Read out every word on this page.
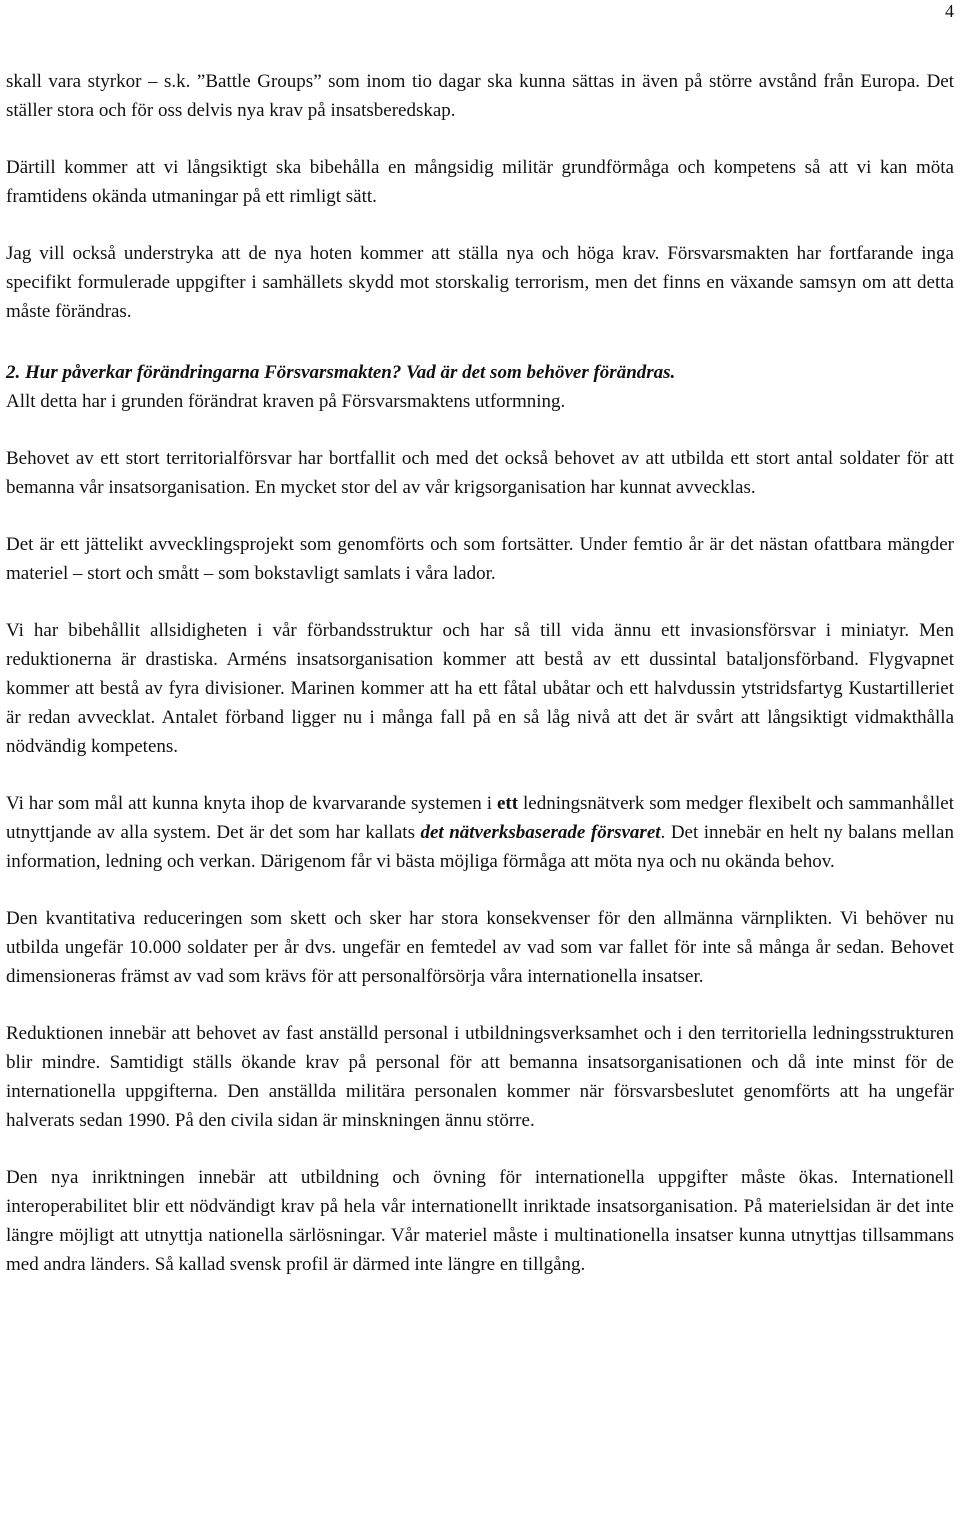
4

skall vara styrkor – s.k. ”Battle Groups” som inom tio dagar ska kunna sättas in även på större avstånd från Europa. Det ställer stora och för oss delvis nya krav på insatsberedskap.

Därtill kommer att vi långsiktigt ska bibehålla en mångsidig militär grundförmåga och kompetens så att vi kan möta framtidens okända utmaningar på ett rimligt sätt.

Jag vill också understryka att de nya hoten kommer att ställa nya och höga krav. Försvarsmakten har fortfarande inga specifikt formulerade uppgifter i samhällets skydd mot storskalig terrorism, men det finns en växande samsyn om att detta måste förändras.

2. Hur påverkar förändringarna Försvarsmakten? Vad är det som behöver förändras.

Allt detta har i grunden förändrat kraven på Försvarsmaktens utformning.

Behovet av ett stort territorialförsvar har bortfallit och med det också behovet av att utbilda ett stort antal soldater för att bemanna vår insatsorganisation. En mycket stor del av vår krigsorganisation har kunnat avvecklas.

Det är ett jättelikt avvecklingsprojekt som genomförts och som fortsätter. Under femtio år är det nästan ofattbara mängder materiel – stort och smått – som bokstavligt samlats i våra lador.

Vi har bibehållit allsidigheten i vår förbandsstruktur och har så till vida ännu ett invasionsförsvar i miniatyr. Men reduktionerna är drastiska. Arméns insatsorganisation kommer att bestå av ett dussintal bataljonsförband. Flygvapnet kommer att bestå av fyra divisioner. Marinen kommer att ha ett fåtal ubåtar och ett halvdussin ytstridsfartyg Kustartilleriet är redan avvecklat. Antalet förband ligger nu i många fall på en så låg nivå att det är svårt att långsiktigt vidmakthålla nödvändig kompetens.

Vi har som mål att kunna knyta ihop de kvarvarande systemen i ett ledningsnätverk som medger flexibelt och sammanhållet utnyttjande av alla system. Det är det som har kallats det nätverksbaserade försvaret. Det innebär en helt ny balans mellan information, ledning och verkan. Därigenom får vi bästa möjliga förmåga att möta nya och nu okända behov.

Den kvantitativa reduceringen som skett och sker har stora konsekvenser för den allmänna värnplikten. Vi behöver nu utbilda ungefär 10.000 soldater per år dvs. ungefär en femtedel av vad som var fallet för inte så många år sedan. Behovet dimensioneras främst av vad som krävs för att personalförsörja våra internationella insatser.

Reduktionen innebär att behovet av fast anställd personal i utbildningsverksamhet och i den territoriella ledningsstrukturen blir mindre. Samtidigt ställs ökande krav på personal för att bemanna insatsorganisationen och då inte minst för de internationella uppgifterna. Den anställda militära personalen kommer när försvarsbeslutet genomförts att ha ungefär halverats sedan 1990. På den civila sidan är minskningen ännu större.

Den nya inriktningen innebär att utbildning och övning för internationella uppgifter måste ökas. Internationell interoperabilitet blir ett nödvändigt krav på hela vår internationellt inriktade insatsorganisation. På materielsidan är det inte längre möjligt att utnyttja nationella särlösningar. Vår materiel måste i multinationella insatser kunna utnyttjas tillsammans med andra länders. Så kallad svensk profil är därmed inte längre en tillgång.
